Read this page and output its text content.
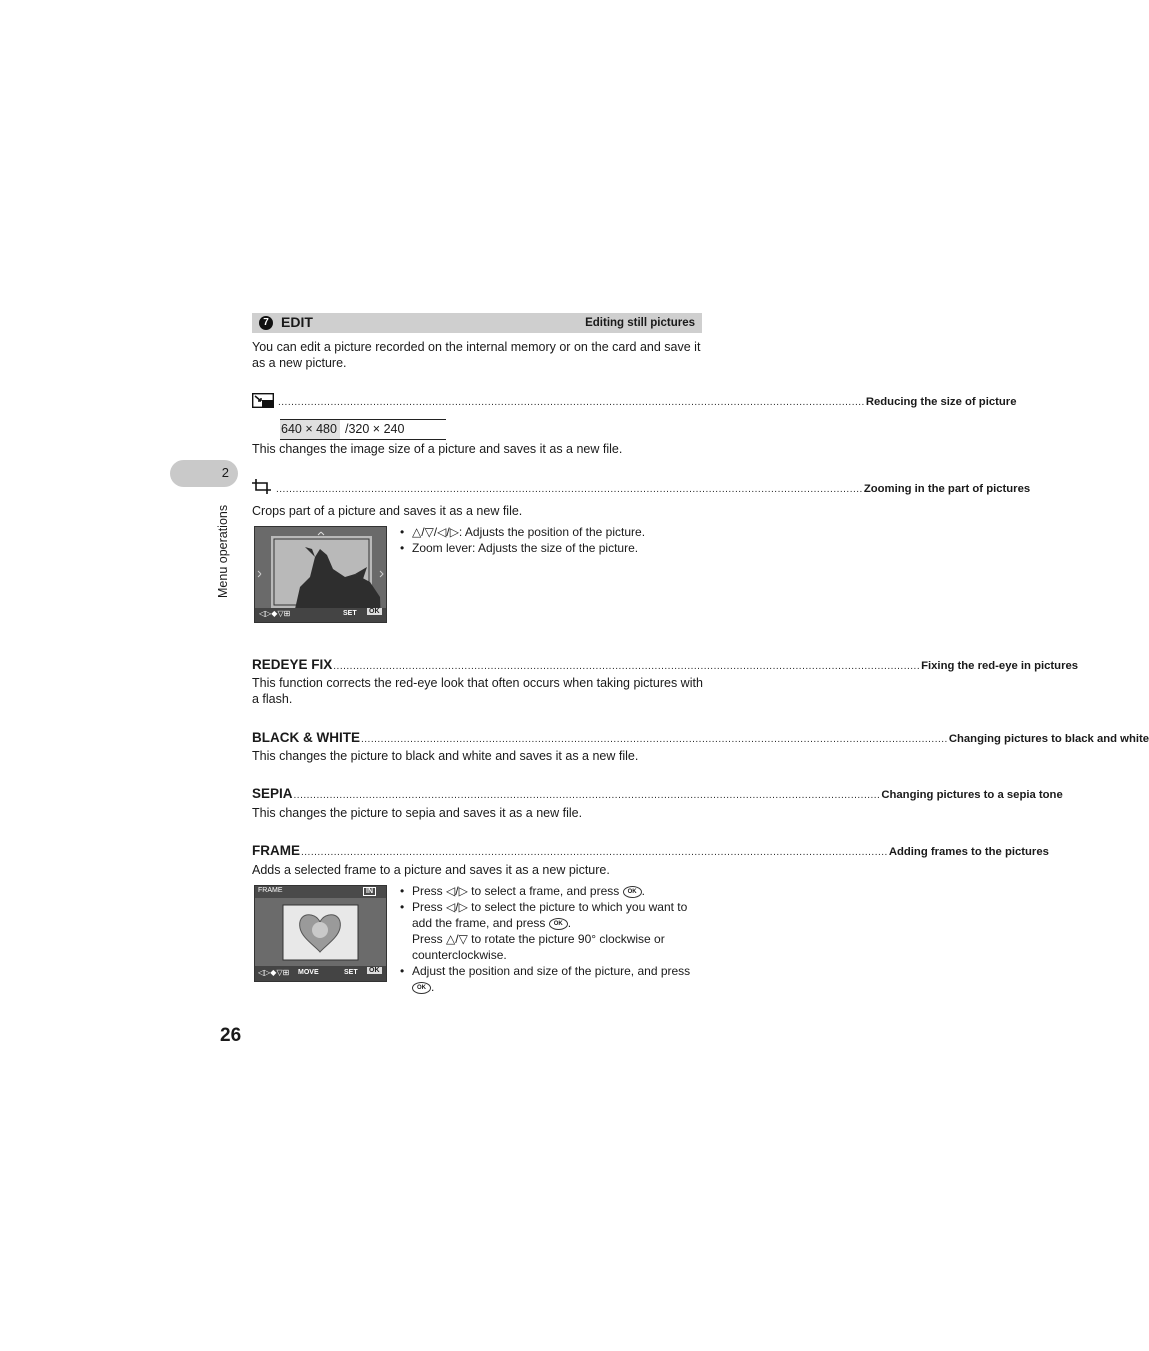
7 EDIT	Editing still pictures
You can edit a picture recorded on the internal memory or on the card and save it as a new picture.
2
Menu operations
................................................................................................................................................................................... Reducing the size of picture
640 × 480 /320 × 240
This changes the image size of a picture and saves it as a new file.
................................................................................................................................................................................... Zooming in the part of pictures
Crops part of a picture and saves it as a new file.
◁▷◆▽⊞	SET OK
• △/▽/◁/▷: Adjusts the position of the picture.
• Zoom lever: Adjusts the size of the picture.
REDEYE FIX ................................................................................................................................................................................... Fixing the red-eye in pictures
This function corrects the red-eye look that often occurs when taking pictures with a flash.
BLACK & WHITE ................................................................................................................................................................................... Changing pictures to black and white
This changes the picture to black and white and saves it as a new file.
SEPIA ................................................................................................................................................................................... Changing pictures to a sepia tone
This changes the picture to sepia and saves it as a new file.
FRAME ................................................................................................................................................................................... Adding frames to the pictures
Adds a selected frame to a picture and saves it as a new picture.
FRAME	IN
◁▷◆▽⊞ MOVE	SET OK
• Press ◁/▷ to select a frame, and press OK .
• Press ◁/▷ to select the picture to which you want to add the frame, and press OK .
Press △/▽ to rotate the picture 90° clockwise or counterclockwise.
• Adjust the position and size of the picture, and press OK .
26
